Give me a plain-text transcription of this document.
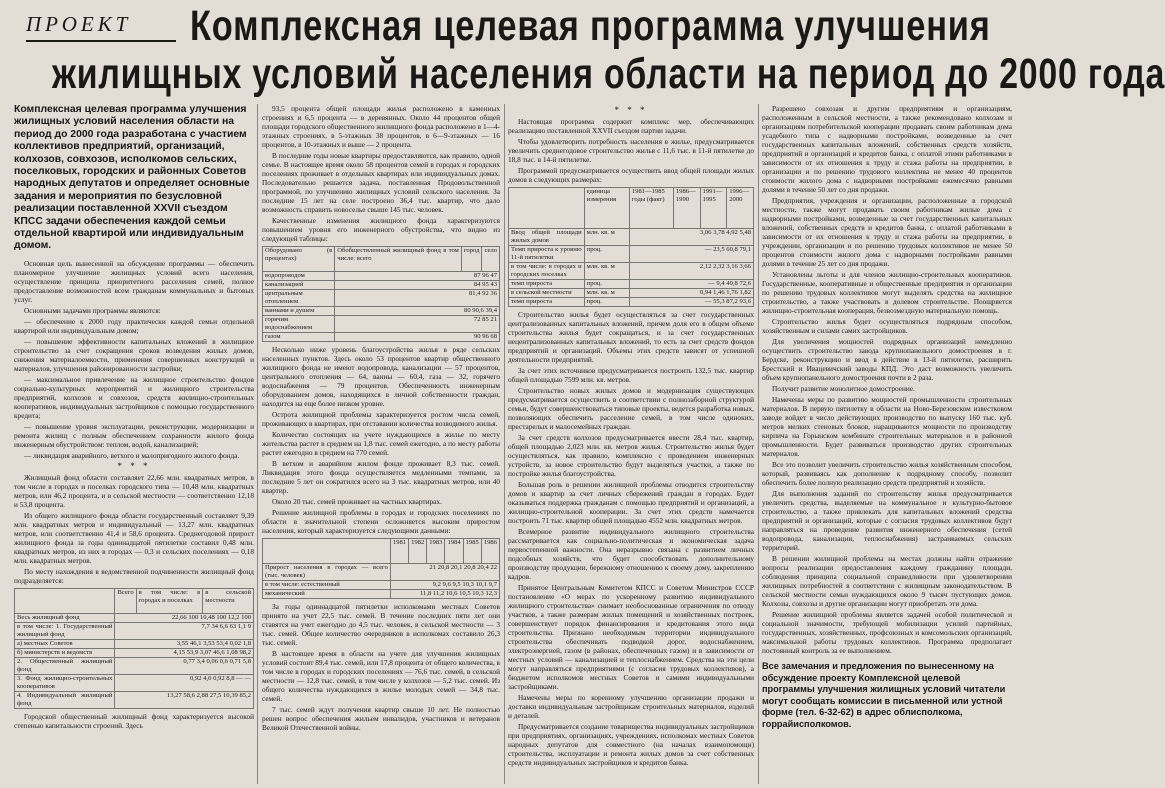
ПРОЕКТ Комплексная целевая программа улучшения
жилищных условий населения области на период до 2000 года
Комплексная целевая программа улучшения жилищных условий населения области на период до 2000 года разработана с участием коллективов предприятий, организаций, колхозов, совхозов, исполкомов сельских, поселковых, городских и районных Советов народных депутатов и определяет основные задания и мероприятия по безусловной реализации поставленной XXVII съездом КПСС задачи обеспечения каждой семьи отдельной квартирой или индивидуальным домом.

Основная цель вынесенной на обсуждение программы — обеспечить планомерное улучшение жилищных условий всего населения, осуществление принципа приоритетного расселения семей, полное предоставление возможностей всем гражданам коммунальных и бытовых услуг.

Основными задачами программы являются:

— обеспечение к 2000 году практически каждой семьи отдельной квартирой или индивидуальным домом;

— повышение эффективности капитальных вложений в жилищное строительство за счет сокращения сроков возведения жилых домов, снижения материалоемкости, применения совершенных конструкций и материалов, улучшения районированности застройки;

— максимальное привлечение на жилищное строительство фондов социально-культурных мероприятий и жилищного строительства предприятий, колхозов и совхозов, средств жилищно-строительных кооперативов, индивидуальных застройщиков с помощью государственного кредита;

— повышение уровня эксплуатации, реконструкции, модернизации и ремонта жилищ с полным обеспечением сохранности жилого фонда инженерным обустройством: теплом, водой, канализацией;

— ликвидация аварийного, ветхого и малопригодного жилого фонда.

* * *

Жилищный фонд области составляет 22,66 млн. квадратных метров, в том числе в городах и поселках городского типа — 10,48 млн. квадратных метров, или 46,2 процента, и в сельской местности — соответственно 12,18 и 53,8 процента.

Из общего жилищного фонда области государственный составляет 9,39 млн. квадратных метров и индивидуальный — 13,27 млн. квадратных метров, или соответственно 41,4 и 58,6 процента. Среднегодовой прирост жилищного фонда за годы одиннадцатой пятилетки составил 0,48 млн. квадратных метров, из них в городах — 0,3 и сельских поселениях — 0,18 млн. квадратных метров.

По месту нахождения в ведомственной подчиненности жилищный фонд подразделяется:

	Всего	в том числе: в городах и поселках	в сельской местности
Весь жилищный фонд	22,66 100 10,48 100 12,2 100		
в том числе: 1. Государственный жилищный фонд	7,7 34 6,6 63 1,1 9		
а) местных Советов	3,55 46,1 3,53 53,4 0,02 1,8		
б) министерств и ведомств	4,15 53,9 3,07 46,6 1,08 98,2		
2. Общественный жилищный фонд	0,77 3,4 0,06 0,6 0,71 5,8		
3. Фонд жилищно-строительных кооперативов	0,92 4,0 0,92 8,8 — —		
4. Индивидуальный жилищный фонд	13,27 58,6 2,88 27,5 10,39 85,2		

Городской общественный жилищный фонд характеризуется высокой степенью капитальности строений. Здесь

93,5 процента общей площади жилья расположено в каменных строениях и 6,5 процента — в деревянных. Около 44 процентов общей площади городского общественного жилищного фонда расположено в 1—4-этажных строениях, в 5-этажных 38 процентов, в 6—9-этажных — 16 процентов, в 10-этажных и выше — 2 процента.

В последние годы новые квартиры предоставляются, как правило, одной семье. В настоящее время около 58 процентов семей в городах и городских поселениях проживает в отдельных квартирах или индивидуальных домах. Последовательно решается задача, поставленная Продовольственной программой, по улучшению жилищных условий сельского населения. За последние 15 лет на селе построено 36,4 тыс. квартир, что дало возможность справить новоселье свыше 145 тыс. человек.

Качественные изменения жилищного фонда характеризуются повышением уровня его инженерного обустройства, что видно из следующей таблицы:

Оборудовано (в процентах)	Обобществленный жилищный фонд в том числе: всего	город	село
водопроводом	87 96 47		
канализацией	84 95 43		
центральным отоплением	81,4 92 36		
ваннами и душем	80 90,6 39,4		
горячим водоснабжением	72 85 21		
газом	90 96 68		

Несколько ниже уровень благоустройства жилья в ряде сельских населенных пунктов. Здесь около 53 процентов квартир общественного жилищного фонда не имеют водопровода, канализации — 57 процентов, центрального отопления — 64, ванны — 60,4, газа — 32, горячего водоснабжения — 79 процентов. Обеспеченность инженерным оборудованием домов, находящихся в личной собственности граждан, находится на еще более низком уровне.

Острота жилищной проблемы характеризуется ростом числа семей, проживающих в квартирах, при отставании количества возводимого жилья.

Количество состоящих на учете нуждающихся в жилье по месту жительства растет в среднем на 1,8 тыс. семей ежегодно, а по месту работы растет ежегодно в среднем на 770 семей.

В ветхом и аварийном жилом фонде проживает 8,3 тыс. семей. Ликвидация этого фонда осуществляется медленными темпами, за последние 5 лет он сократился всего на 3 тыс. квадратных метров, или 40 квартир.

Около 20 тыс. семей проживает на частных квартирах.

Решение жилищной проблемы в городах и городских поселениях по области в значительной степени осложняется высоким приростом населения, который характеризуется следующими данными:

	1981	1982	1983	1984	1985	1986
Прирост населения в городах — всего (тыс. человек)	21 20,8 20,1 20,8 20,4 22					
в том числе: естественный	9,2 9,6 9,5 10,3 10,1 9,7					
механический	11,8 11,2 10,6 10,5 10,3 12,3					

За годы одиннадцатой пятилетки исполкомами местных Советов принято на учет 22,5 тыс. семей. В течение последних пяти лет они ставятся на учет ежегодно до 4,5 тыс. человек, в сельской местности — 3 тыс. семей. Общее количество очередников в исполкомах составило 26,3 тыс. семей.

В настоящее время в области на учете для улучшения жилищных условий состоит 89,4 тыс. семей, или 17,8 процента от общего количества, в том числе в городах и городских поселениях — 76,6 тыс. семей, в сельской местности — 12,8 тыс. семей, в том числе у колхозов — 5,2 тыс. семей. Из общего количества нуждающихся в жилье молодых семей — 34,8 тыс. семей.

7 тыс. семей ждут получения квартир свыше 10 лет. Не полностью решен вопрос обеспечения жильем инвалидов, участников и ветеранов Великой Отечественной войны.

* * *

Настоящая программа содержит комплекс мер, обеспечивающих реализацию поставленной XXVII съездом партии задачи.

Чтобы удовлетворить потребность населения в жилье, предусматривается увеличить среднегодовое строительство жилья с 11,6 тыс. в 11-й пятилетке до 18,8 тыс. в 14-й пятилетке.

Программой предусматривается осуществить ввод общей площади жилых домов в следующих размерах:

	единица измерения	1981—1985 годы (факт)	1986—1990	1991—1995	1996—2000
Ввод общей площади жилых домов	млн. кв. м	3,06 3,78 4,92 5,48			
Темп прироста к уровню 11-й пятилетки	проц.	— 23,5 60,8 79,1			
в том числе: в городах и городских поселках	млн. кв. м	2,12 2,32 3,16 3,66			
темп прироста	проц.	— 9,4 49,8 72,6			
в сельской местности	млн. кв. м	0,94 1,46 1,76 1,82			
темп прироста	проц.	— 55,3 87,2 93,6			

Строительство жилья будет осуществляться за счет государственных централизованных капитальных вложений, причем доля его в общем объеме строительства жилья будет сокращаться, и за счет государственных нецентрализованных капитальных вложений, то есть за счет средств фондов предприятий и организаций. Объемы этих средств зависят от успешной деятельности предприятий.

За счет этих источников предусматривается построить 132,5 тыс. квартир общей площадью 7599 млн. кв. метров.

Строительство новых жилых домов и модернизация существующих предусматривается осуществить в соответствии с полнозаборной структурой семьи, будут совершенствоваться типовые проекты, ведется разработка новых, позволяющих обеспечить расселение семей, в том числе одиноких, престарелых и малосемейных граждан.

За счет средств колхозов предусматривается ввести 28,4 тыс. квартир, общей площадью 2,023 млн. кв. метров жилья. Строительство жилья будет осуществляться, как правило, комплексно с проведением инженерных устройств, за новое строительство будут выделяться участки, а также по постройке жилья благоустройства.

Большая роль в решении жилищной проблемы отводится строительству домов и квартир за счет личных сбережений граждан в городах. Будет оказываться поддержка гражданам с помощью предприятий и организаций, а жилищно-строительной кооперации. За счет этих средств намечается построить 71 тыс. квартир общей площадью 4552 млн. квадратных метров.

Всемерное развитие индивидуального жилищного строительства рассматривается как социально-политическая и экономическая задача первостепенной важности. Она неразрывно связана с развитием личных подсобных хозяйств, что будет способствовать дополнительному производству продукции, бережному отношению к своему дому, закреплению кадров.

Принятое Центральным Комитетом КПСС и Советом Министров СССР постановление «О мерах по ускоренному развитию индивидуального жилищного строительства» снимает необоснованные ограничения по отводу участков, а также размерам жилых помещений и хозяйственных построек, совершенствует порядок финансирования и кредитования этого вида строительства. Признано необходимым территории индивидуального строительства обеспечивать подводкой дорог, водоснабжением, электроэнергией, газом (в районах, обеспеченных газом) и в зависимости от местных условий — канализацией и теплоснабжением. Средства на эти цели могут направляться предприятиями (с согласия трудовых коллективов), а бюджетом исполкомов местных Советов и самими индивидуальными застройщиками.

Намечены меры по коренному улучшению организации продажи и доставки индивидуальным застройщикам строительных материалов, изделий и деталей.

Предусматривается создание товарищества индивидуальных застройщиков при предприятиях, организациях, учреждениях, исполкомах местных Советов народных депутатов для совместного (на началах взаимопомощи) строительства, эксплуатации и ремонта жилых домов за счет собственных средств индивидуальных застройщиков и кредитов банка.

Разрешено совхозам и другим предприятиям и организациям, расположенным в сельской местности, а также рекомендовано колхозам и организациям потребительской кооперации продавать своим работникам дома усадебного типа с надворными постройками, возведенные за счет государственных капитальных вложений, собственных средств хозяйств, предприятий и организаций и кредитов банка, с оплатой этими работниками в зависимости от их отношения к труду и стажа работы на предприятии, в организации и по решению трудового коллектива не менее 40 процентов стоимости жилого дома с надворными постройками ежемесячно равными долями в течение 50 лет со дня продажи.

Предприятия, учреждения и организации, расположенные в городской местности, также могут продавать своим работникам жилые дома с надворными постройками, возведенные за счет государственных капитальных вложений, собственных средств и кредитов банка, с оплатой работниками в зависимости от их отношения к труду и стажа работы на предприятии, в учреждении, организации и по решению трудовых коллективов не менее 50 процентов стоимости жилого дома с надворными постройками равными долями в течение 25 лет со дня продажи.

Установлены льготы и для членов жилищно-строительных кооперативов. Государственные, кооперативные и общественные предприятия и организации по решению трудовых коллективов могут выделять средства на жилищное строительство, а также участвовать в долевом строительстве. Поощряется жилищно-строительная кооперация, безвозмездную материальную помощь.

Строительство жилья будет осуществляться подрядным способом, хозяйственным и силами самих застройщиков.

Для увеличения мощностей подрядных организаций немедленно осуществить строительство завода крупнопанельного домостроения в г. Бердске, реконструкцию и ввод в действие в 13-й пятилетке, расширить Брестский и Ивацевичский заводы КПД. Это даст возможность увеличить объем крупнопанельного домостроения почти в 2 раза.

Получит развитие монолитное домостроение.

Намечены меры по развитию мощностей промышленности строительных материалов. В первую пятилетку в области на Ново-Березовском известковом заводе войдет в число действующих производство по выпуску 160 тыс. куб. метров мелких стеновых блоков, наращиваются мощности по производству кирпича на Горынском комбинате строительных материалов и в районной промышленности. Будет развиваться производство других строительных материалов.

Все это позволит увеличить строительство жилья хозяйственным способом, который, развиваясь как дополнение к подрядному способу, позволит обеспечить более полную реализацию средств предприятий и хозяйств.

Для выполнения заданий по строительству жилья предусматривается увеличить средства, выделяемые на коммунальное и культурно-бытовое строительство, а также привлекать для капитальных вложений средства предприятий и организаций, которые с согласия трудовых коллективов будут направляться на проведение развития инженерного обеспечения (сетей водопровода, канализации, теплоснабжения) застраиваемых сельских территорий.

В решении жилищной проблемы на местах должны найти отражение вопросы реализации предоставления каждому гражданину площади, соблюдения принципа социальной справедливости при удовлетворении жилищных потребностей в соответствии с жилищным законодательством. В сельской местности семьи нуждающихся около 9 тысяч пустующих домов. Колхозы, совхозы и другие организации могут приобретать эти дома.

Решение жилищной проблемы является задачей особой политической и социальной значимости, требующей мобилизации усилий партийных, государственных, хозяйственных, профсоюзных и комсомольских организаций, максимальной работы трудовых коллективов. Программа предполагает постоянный контроль за ее выполнением.

Все замечания и предложения по вынесенному на обсуждение проекту Комплексной целевой программы улучшения жилищных условий читатели могут сообщать комиссии в письменной или устной форме (тел. 6-32-62) в адрес облисполкома, горрайисполкомов.
